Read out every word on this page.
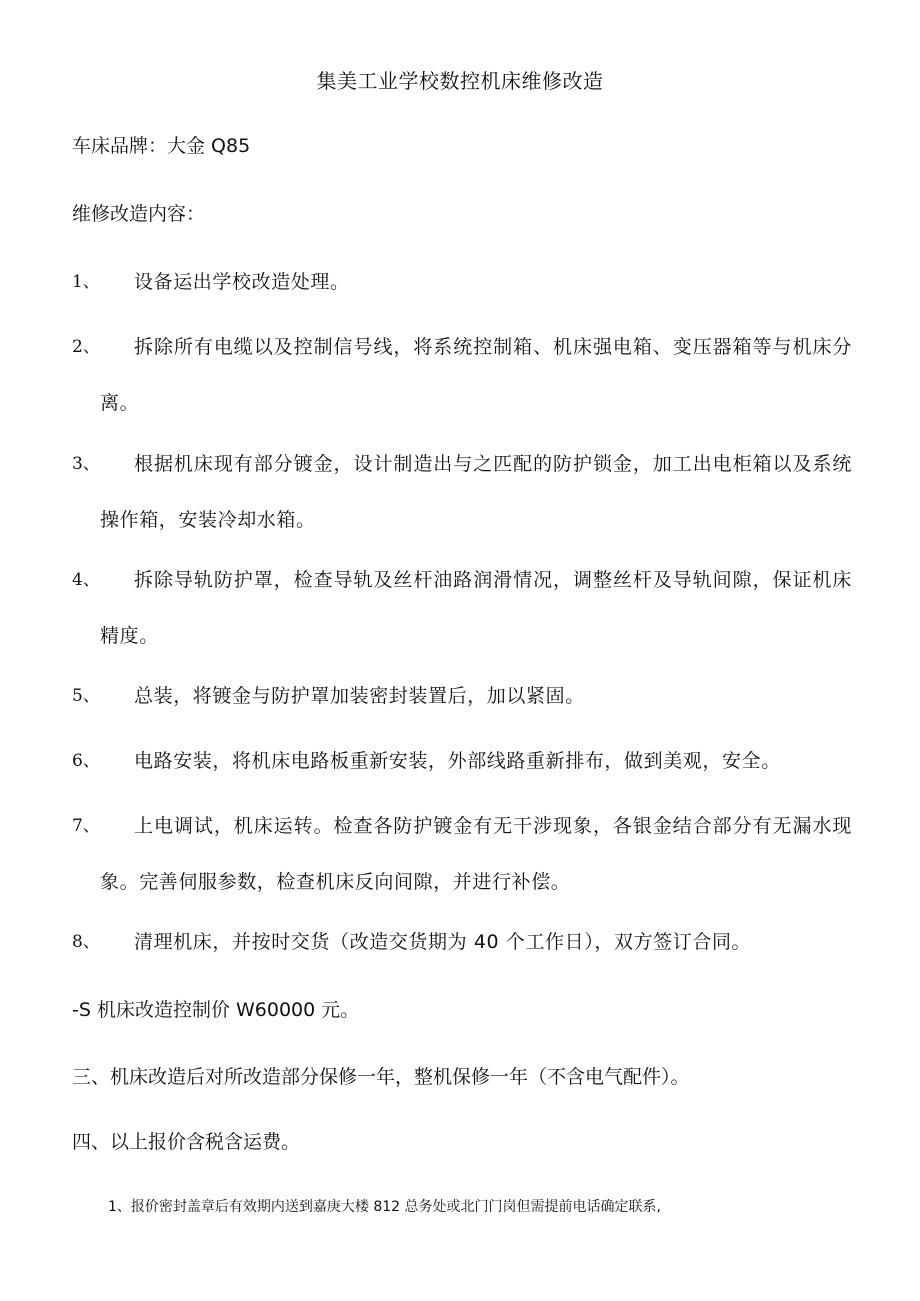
集美工业学校数控机床维修改造
车床品牌：大金 Q85
维修改造内容：
1、	设备运出学校改造处理。
2、	拆除所有电缆以及控制信号线，将系统控制箱、机床强电箱、变压器箱等与机床分离。
3、	根据机床现有部分镀金，设计制造出与之匹配的防护锁金，加工出电柜箱以及系统操作箱，安装冷却水箱。
4、	拆除导轨防护罩，检查导轨及丝杆油路润滑情况，调整丝杆及导轨间隙，保证机床精度。
5、	总装，将镀金与防护罩加装密封装置后，加以紧固。
6、	电路安装，将机床电路板重新安装，外部线路重新排布，做到美观，安全。
7、	上电调试，机床运转。检查各防护镀金有无干涉现象，各银金结合部分有无漏水现象。完善伺服参数，检查机床反向间隙，并进行补偿。
8、	清理机床，并按时交货（改造交货期为 40 个工作日），双方签订合同。
-S 机床改造控制价 W60000 元。
三、机床改造后对所改造部分保修一年，整机保修一年（不含电气配件）。
四、以上报价含税含运费。
1、报价密封盖章后有效期内送到嘉庚大楼 812 总务处或北门门岗但需提前电话确定联系,
